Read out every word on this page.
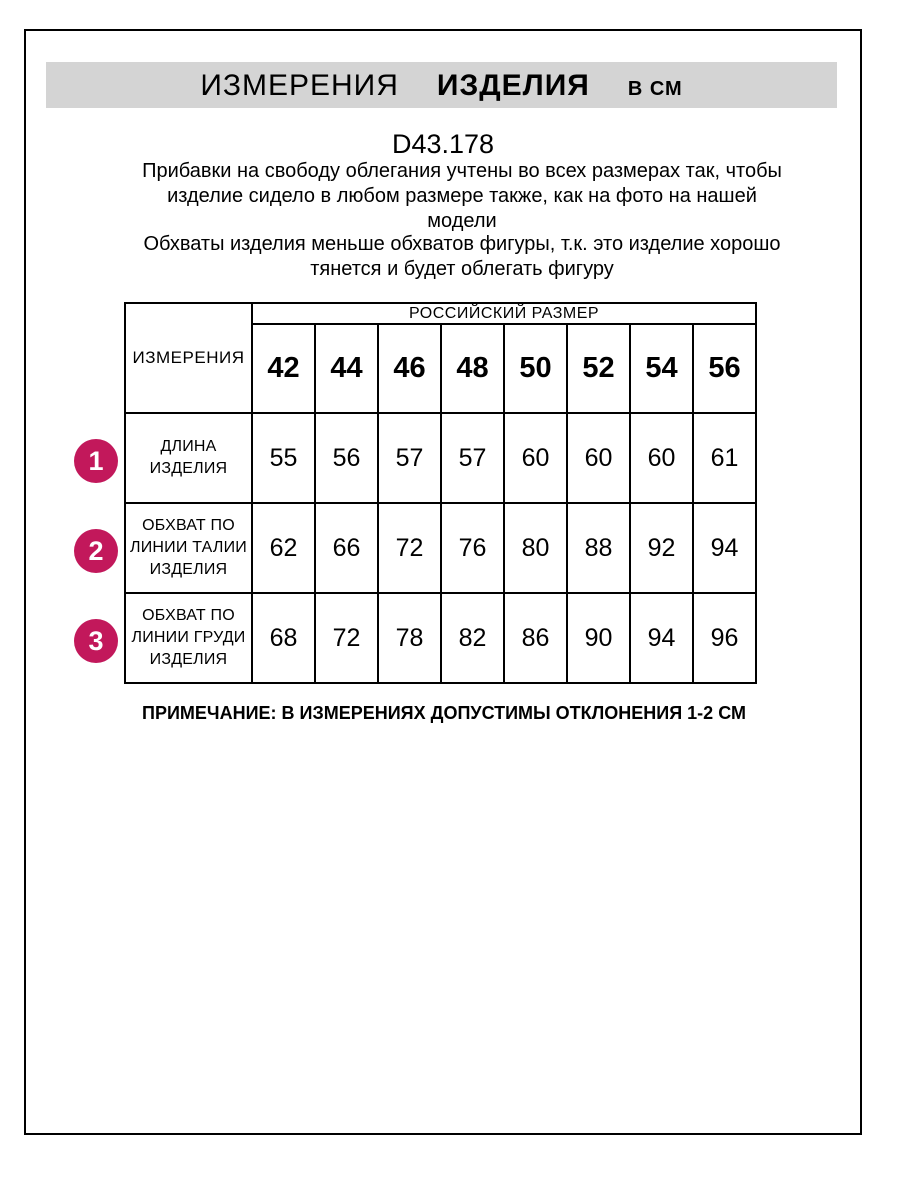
ИЗМЕРЕНИЯ ИЗДЕЛИЯ В СМ
D43.178
Прибавки на свободу облегания учтены во всех размерах так, чтобы изделие сидело в любом размере также, как на фото на нашей модели
Обхваты изделия меньше обхватов фигуры, т.к. это изделие хорошо тянется и будет облегать фигуру
ИЗМЕРЕНИЯ	РОССИЙСКИЙ РАЗМЕР							
	42	44	46	48	50	52	54	56
ДЛИНА ИЗДЕЛИЯ	55	56	57	57	60	60	60	61
ОБХВАТ ПО ЛИНИИ ТАЛИИ ИЗДЕЛИЯ	62	66	72	76	80	88	92	94
ОБХВАТ ПО ЛИНИИ ГРУДИ ИЗДЕЛИЯ	68	72	78	82	86	90	94	96
1
2
3
ПРИМЕЧАНИЕ: В ИЗМЕРЕНИЯХ ДОПУСТИМЫ ОТКЛОНЕНИЯ 1-2 СМ
